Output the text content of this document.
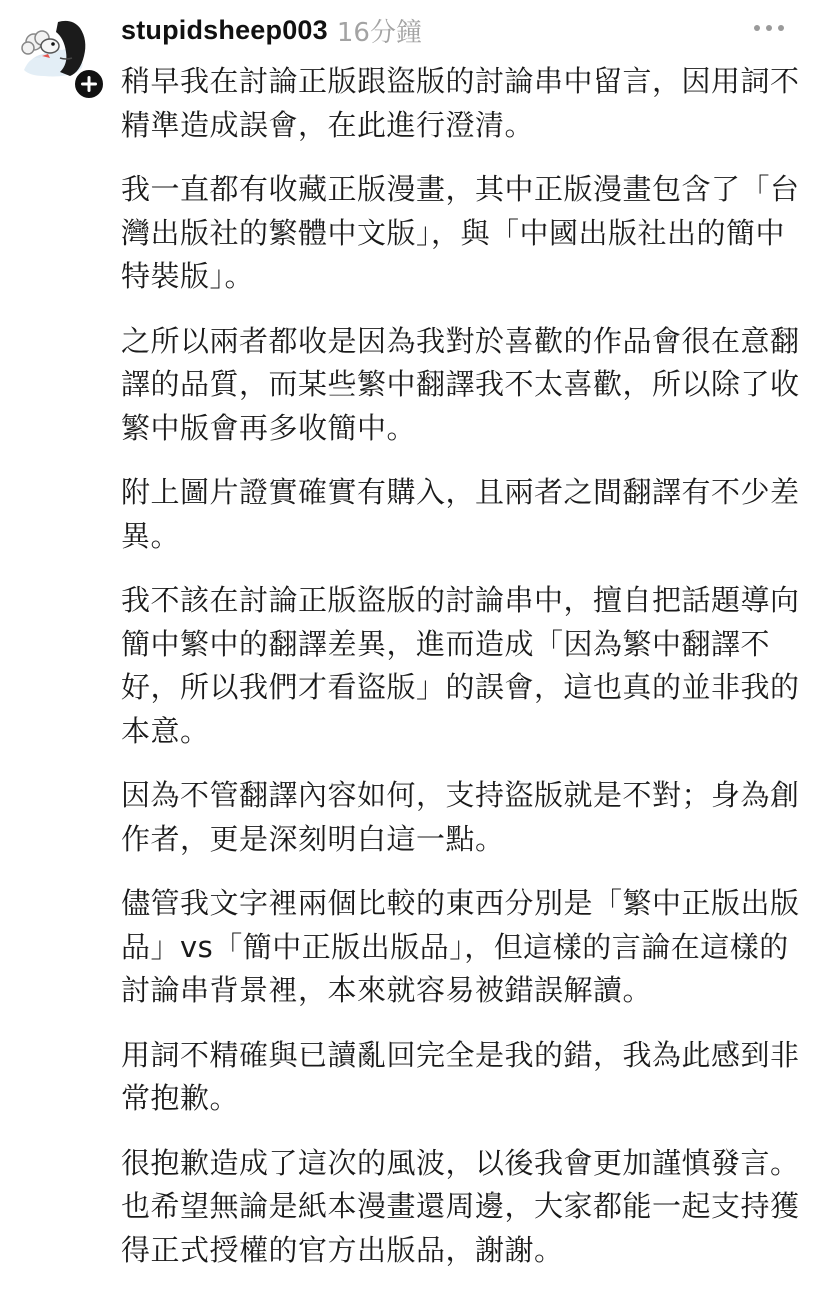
stupidsheep003 16分鐘

稍早我在討論正版跟盜版的討論串中留言，因用詞不精準造成誤會，在此進行澄清。

我一直都有收藏正版漫畫，其中正版漫畫包含了「台灣出版社的繁體中文版」，與「中國出版社出的簡中特裝版」。

之所以兩者都收是因為我對於喜歡的作品會很在意翻譯的品質，而某些繁中翻譯我不太喜歡，所以除了收繁中版會再多收簡中。

附上圖片證實確實有購入，且兩者之間翻譯有不少差異。

我不該在討論正版盜版的討論串中，擅自把話題導向簡中繁中的翻譯差異，進而造成「因為繁中翻譯不好，所以我們才看盜版」的誤會，這也真的並非我的本意。

因為不管翻譯內容如何，支持盜版就是不對；身為創作者，更是深刻明白這一點。

儘管我文字裡兩個比較的東西分別是「繁中正版出版品」vs「簡中正版出版品」，但這樣的言論在這樣的討論串背景裡，本來就容易被錯誤解讀。

用詞不精確與已讀亂回完全是我的錯，我為此感到非常抱歉。

很抱歉造成了這次的風波，以後我會更加謹慎發言。也希望無論是紙本漫畫還周邊，大家都能一起支持獲得正式授權的官方出版品，謝謝。
